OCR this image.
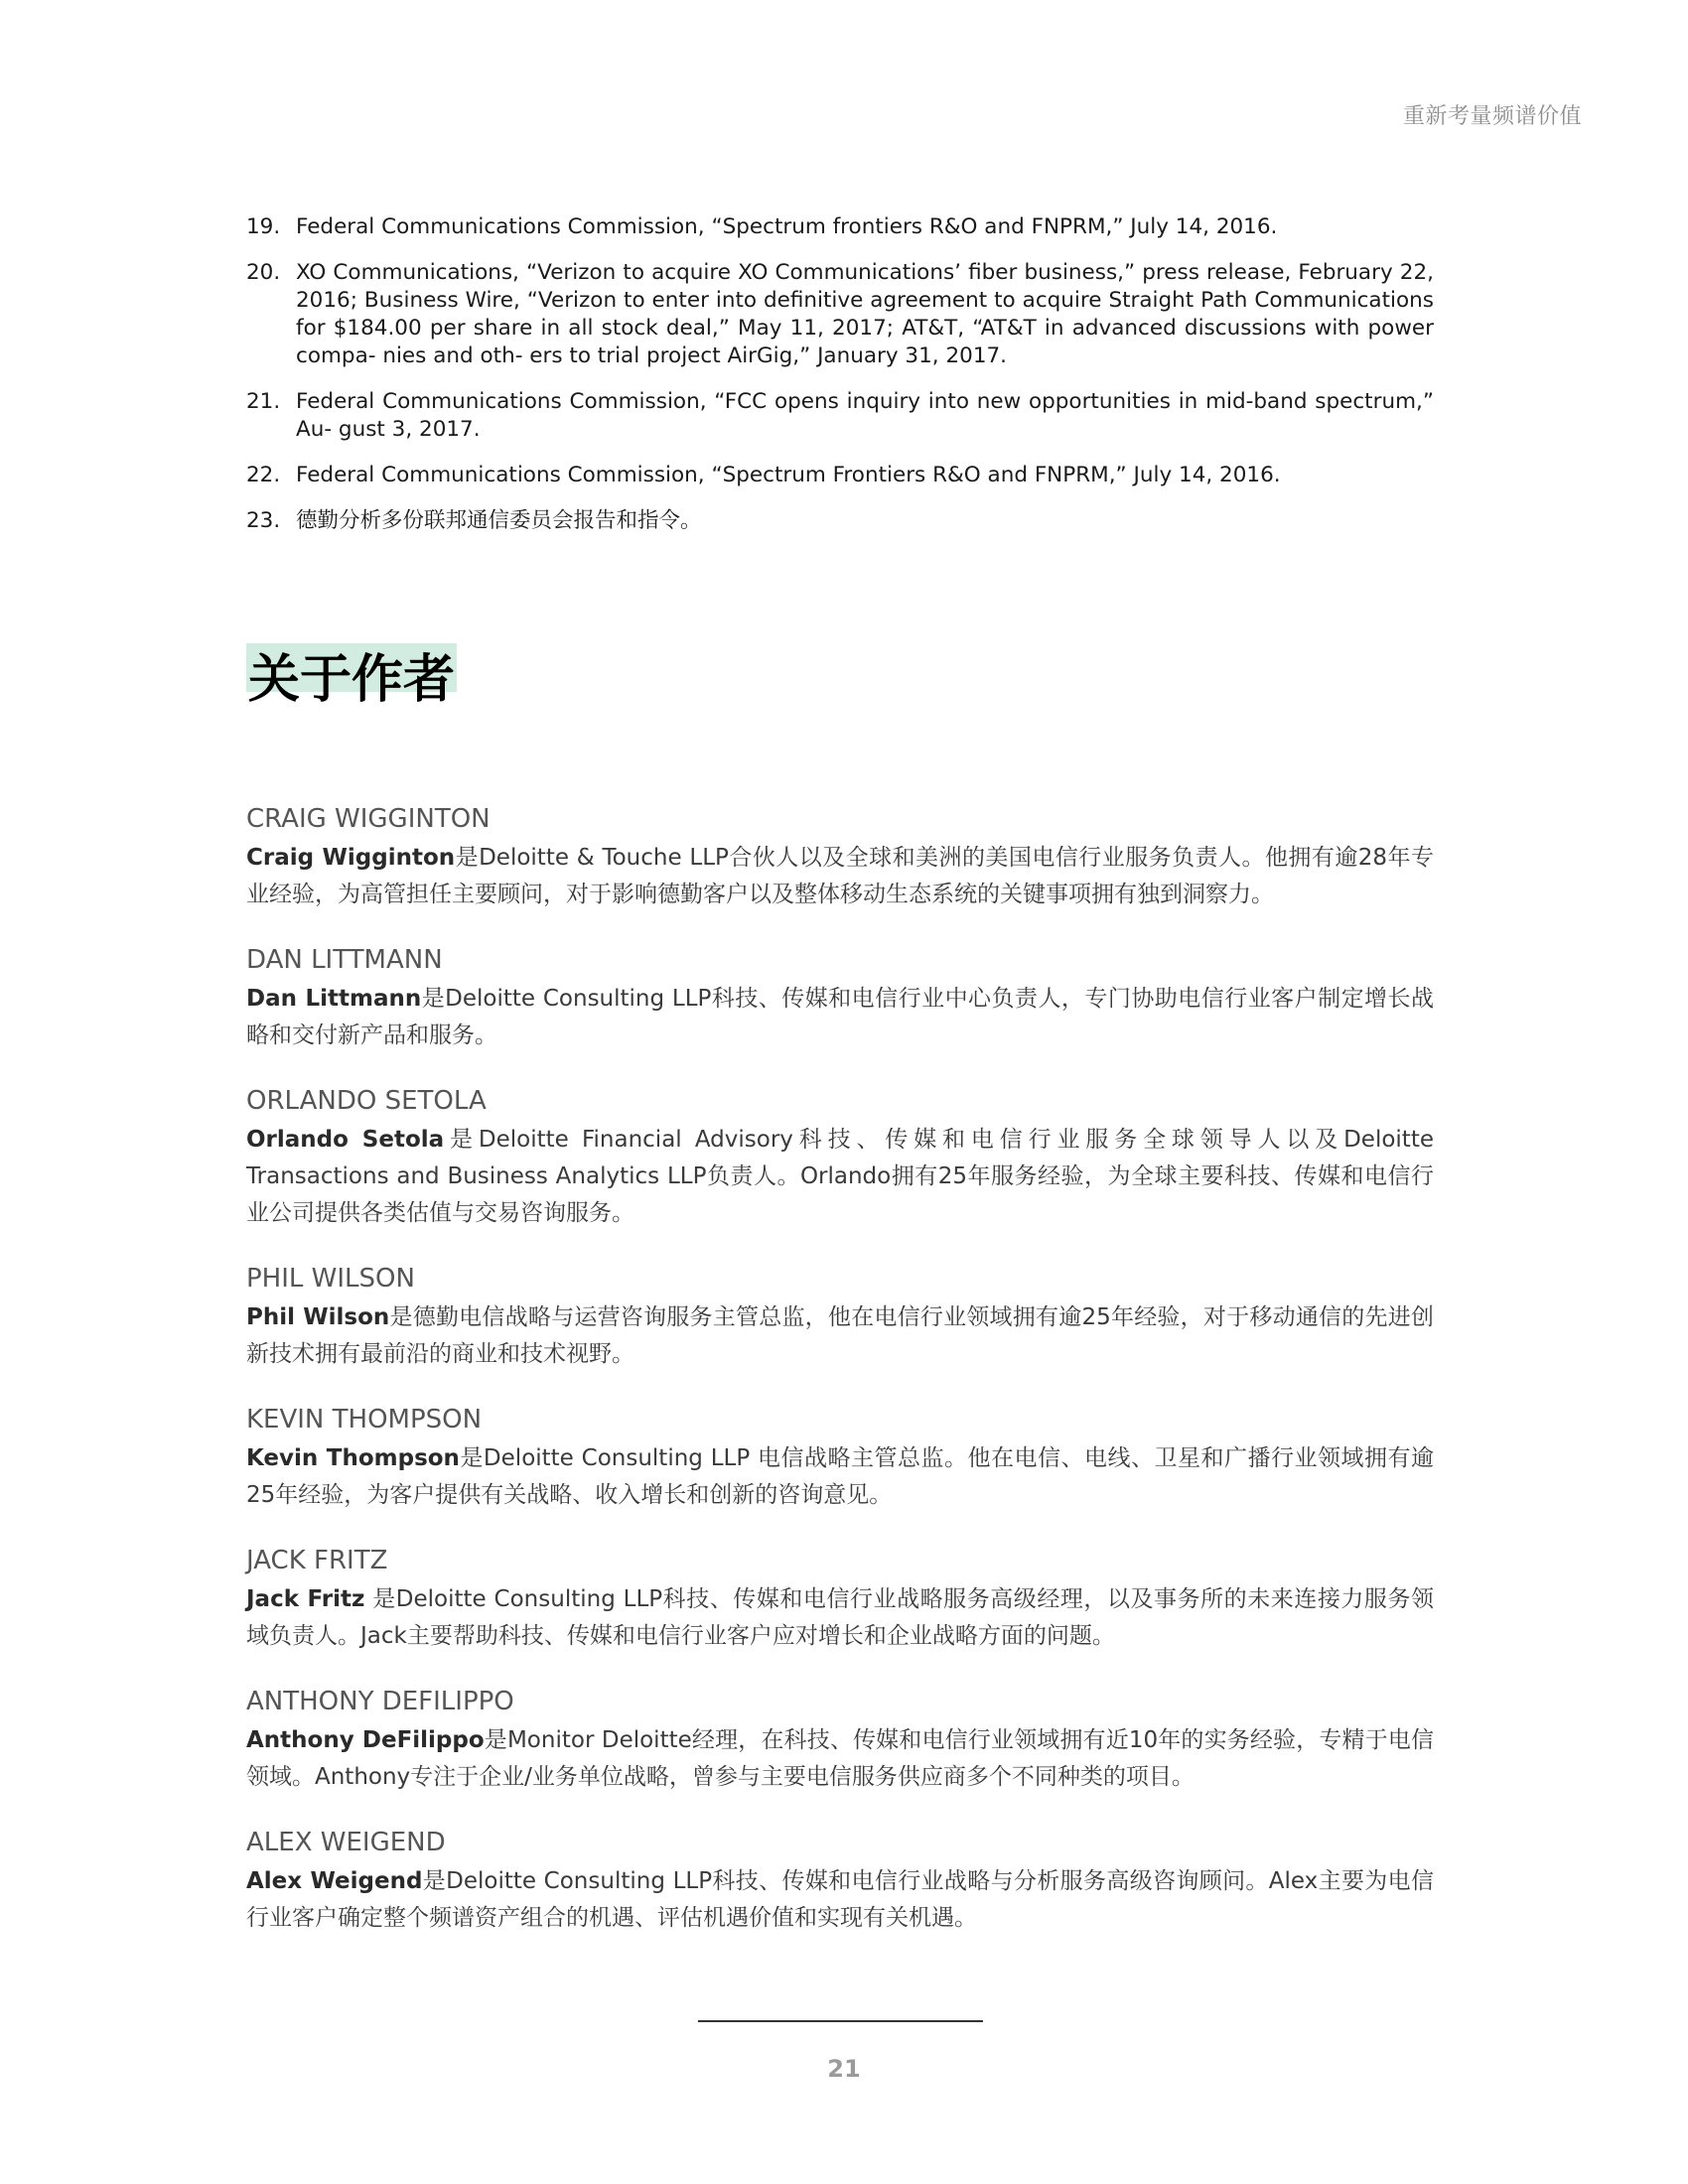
重新考量频谱价值
19. Federal Communications Commission, “Spectrum frontiers R&O and FNPRM,” July 14, 2016.
20. XO Communications, “Verizon to acquire XO Communications’ fiber business,” press release, February 22, 2016; Business Wire, “Verizon to enter into definitive agreement to acquire Straight Path Communications for $184.00 per share in all stock deal,” May 11, 2017; AT&T, “AT&T in advanced discussions with power compa- nies and oth- ers to trial project AirGig,” January 31, 2017.
21. Federal Communications Commission, “FCC opens inquiry into new opportunities in mid-band spectrum,” Au- gust 3, 2017.
22. Federal Communications Commission, “Spectrum Frontiers R&O and FNPRM,” July 14, 2016.
23. 德勤分析多份联邦通信委员会报告和指令。
关于作者
CRAIG WIGGINTON
Craig Wigginton是Deloitte & Touche LLP合伙人以及全球和美洲的美国电信行业服务负责人。他拥有逾28年专业经验，为高管担任主要顾问，对于影响德勤客户以及整体移动生态系统的关键事项拥有独到洞察力。
DAN LITTMANN
Dan Littmann是Deloitte Consulting LLP科技、传媒和电信行业中心负责人，专门协助电信行业客户制定增长战略和交付新产品和服务。
ORLANDO SETOLA
Orlando Setola是Deloitte Financial Advisory科技、传媒和电信行业服务全球领导人以及Deloitte Transactions and Business Analytics LLP负责人。Orlando拥有25年服务经验，为全球主要科技、传媒和电信行业公司提供各类估值与交易咨询服务。
PHIL WILSON
Phil Wilson是德勤电信战略与运营咨询服务主管总监，他在电信行业领域拥有逾25年经验，对于移动通信的先进创新技术拥有最前沿的商业和技术视野。
KEVIN THOMPSON
Kevin Thompson是Deloitte Consulting LLP 电信战略主管总监。他在电信、电线、卫星和广播行业领域拥有逾25年经验，为客户提供有关战略、收入增长和创新的咨询意见。
JACK FRITZ
Jack Fritz 是Deloitte Consulting LLP科技、传媒和电信行业战略服务高级经理，以及事务所的未来连接力服务领域负责人。Jack主要帮助科技、传媒和电信行业客户应对增长和企业战略方面的问题。
ANTHONY DEFILIPPO
Anthony DeFilippo是Monitor Deloitte经理，在科技、传媒和电信行业领域拥有近10年的实务经验，专精于电信领域。Anthony专注于企业/业务单位战略，曾参与主要电信服务供应商多个不同种类的项目。
ALEX WEIGEND
Alex Weigend是Deloitte Consulting LLP科技、传媒和电信行业战略与分析服务高级咨询顾问。Alex主要为电信行业客户确定整个频谱资产组合的机遇、评估机遇价值和实现有关机遇。
21
